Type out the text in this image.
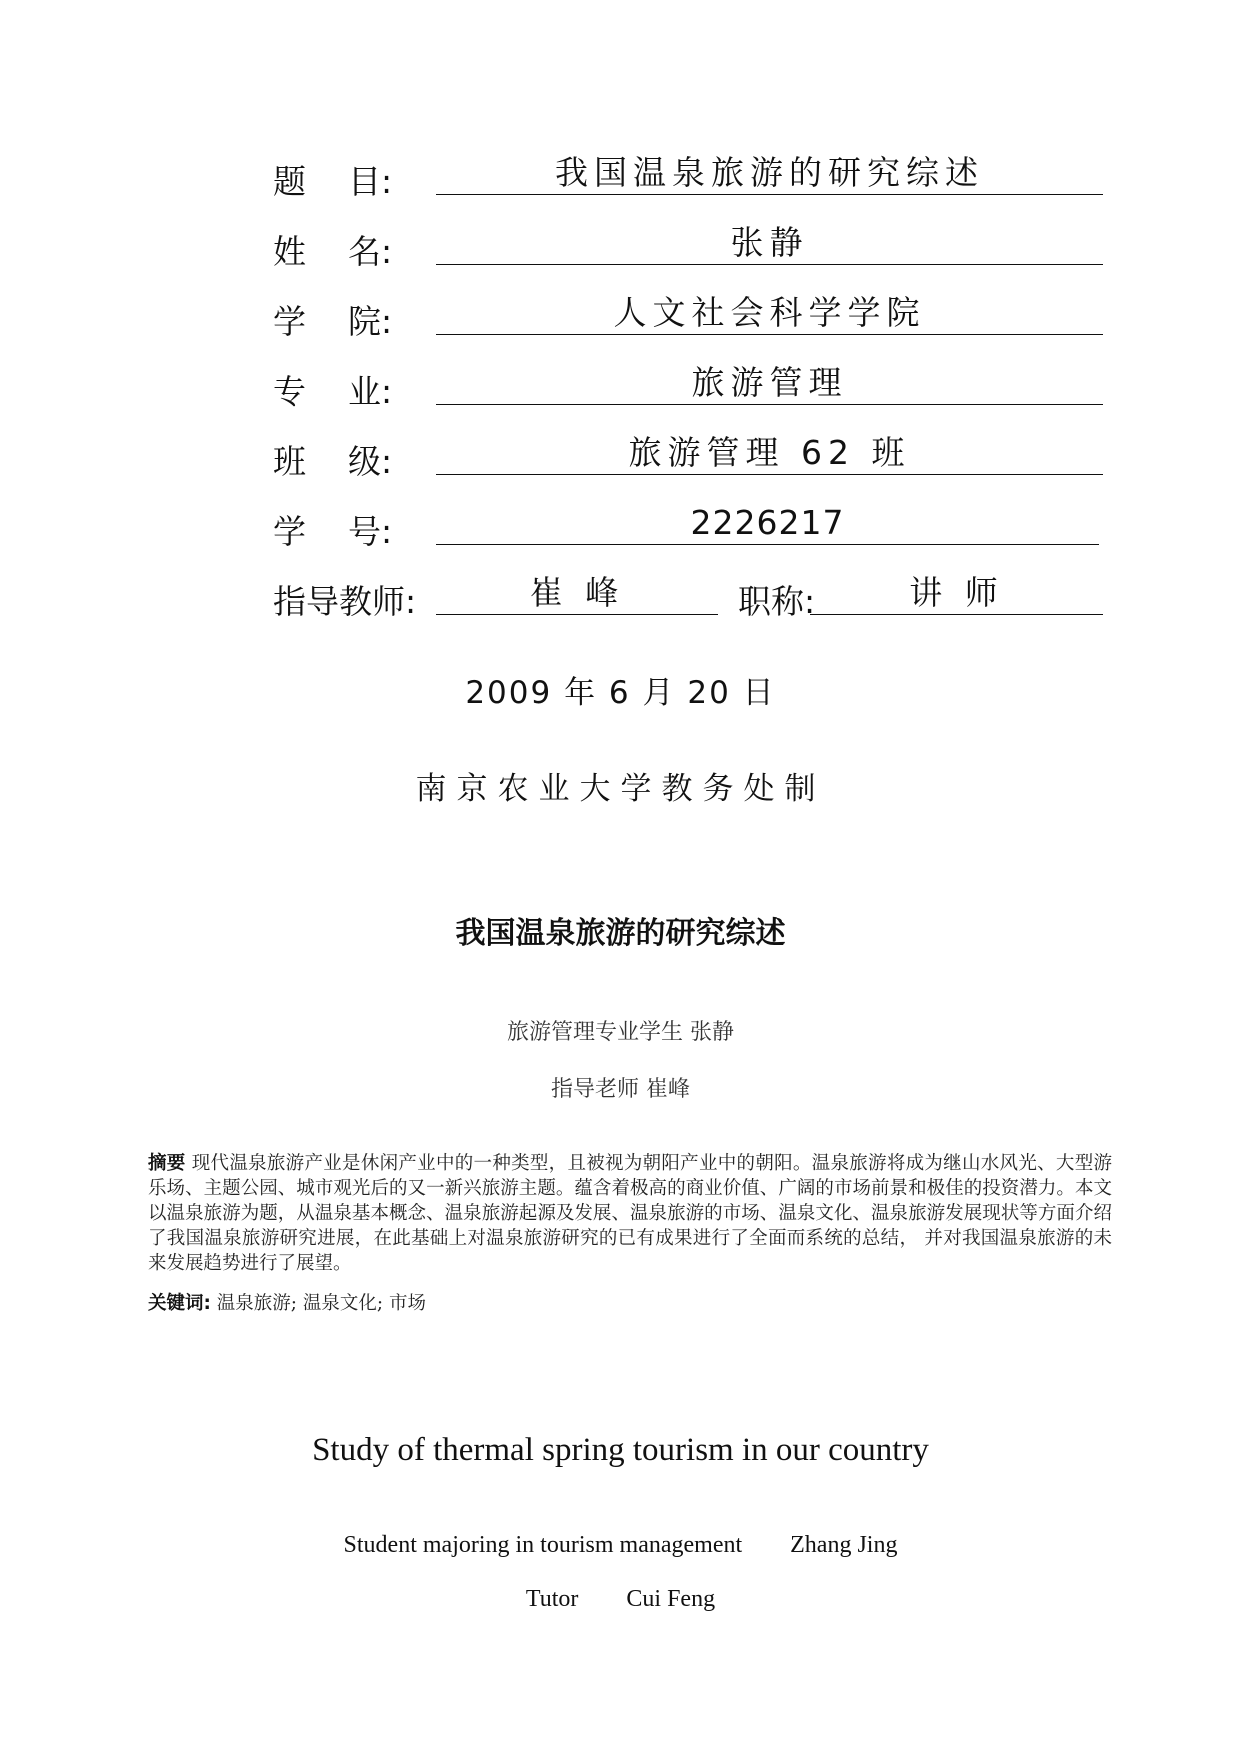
题    目:	我国温泉旅游的研究综述
姓    名:	张静
学    院:	人文社会科学学院
专    业:	旅游管理
班    级:	旅游管理 62 班
学    号:	2226217
指导教师:	崔 峰	职称:	讲 师
2009 年 6 月 20 日
南京农业大学教务处制
我国温泉旅游的研究综述
旅游管理专业学生 张静
指导老师 崔峰
摘要 现代温泉旅游产业是休闲产业中的一种类型，且被视为朝阳产业中的朝阳。温泉旅游将成为继山水风光、大型游乐场、主题公园、城市观光后的又一新兴旅游主题。蕴含着极高的商业价值、广阔的市场前景和极佳的投资潜力。本文以温泉旅游为题，从温泉基本概念、温泉旅游起源及发展、温泉旅游的市场、温泉文化、温泉旅游发展现状等方面介绍了我国温泉旅游研究进展，在此基础上对温泉旅游研究的已有成果进行了全面而系统的总结， 并对我国温泉旅游的未来发展趋势进行了展望。
关键词: 温泉旅游; 温泉文化; 市场
Study of thermal spring tourism in our country
Student majoring in tourism management        Zhang Jing
Tutor        Cui Feng
